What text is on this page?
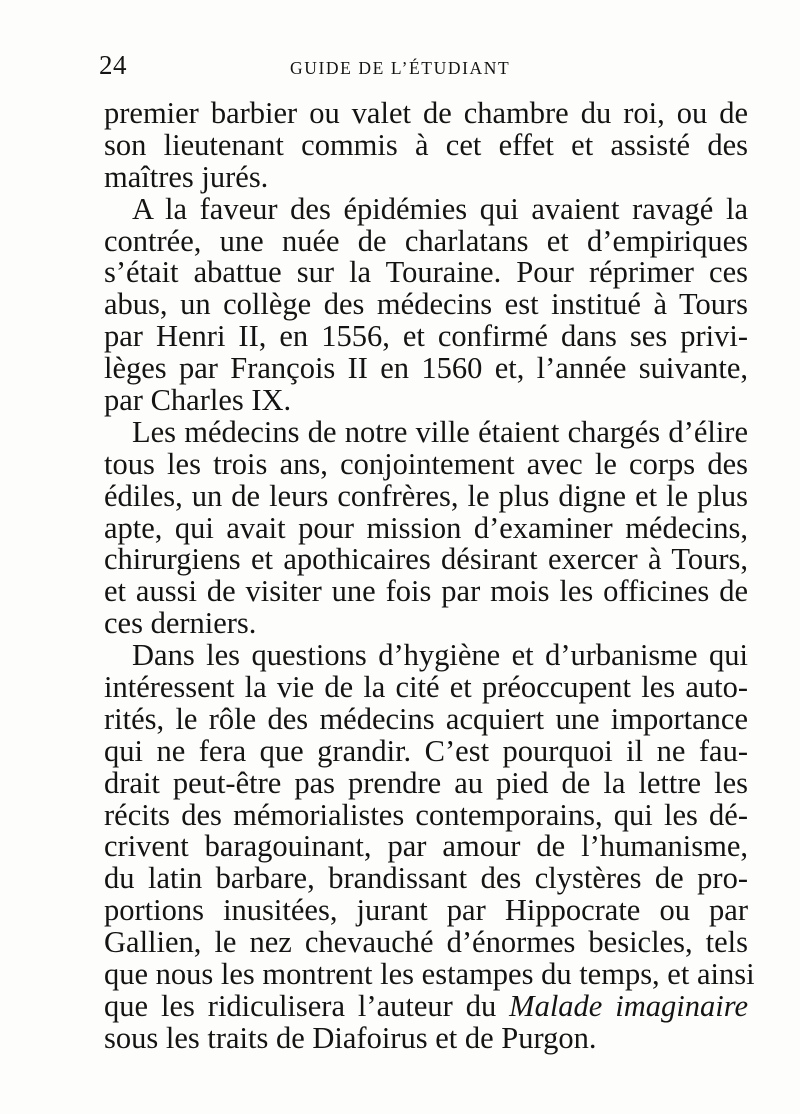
24	GUIDE DE L’ÉTUDIANT
premier barbier ou valet de chambre du roi, ou de
son lieutenant commis à cet effet et assisté des
maîtres jurés.
A la faveur des épidémies qui avaient ravagé la
contrée, une nuée de charlatans et d’empiriques
s’était abattue sur la Touraine. Pour réprimer ces
abus, un collège des médecins est institué à Tours
par Henri II, en 1556, et confirmé dans ses privi-
lèges par François II en 1560 et, l’année suivante,
par Charles IX.
Les médecins de notre ville étaient chargés d’élire
tous les trois ans, conjointement avec le corps des
édiles, un de leurs confrères, le plus digne et le plus
apte, qui avait pour mission d’examiner médecins,
chirurgiens et apothicaires désirant exercer à Tours,
et aussi de visiter une fois par mois les officines de
ces derniers.
Dans les questions d’hygiène et d’urbanisme qui
intéressent la vie de la cité et préoccupent les auto-
rités, le rôle des médecins acquiert une importance
qui ne fera que grandir. C’est pourquoi il ne fau-
drait peut-être pas prendre au pied de la lettre les
récits des mémorialistes contemporains, qui les dé-
crivent baragouinant, par amour de l’humanisme,
du latin barbare, brandissant des clystères de pro-
portions inusitées, jurant par Hippocrate ou par
Gallien, le nez chevauché d’énormes besicles, tels
que nous les montrent les estampes du temps, et ainsi
que les ridiculisera l’auteur du Malade imaginaire
sous les traits de Diafoirus et de Purgon.
